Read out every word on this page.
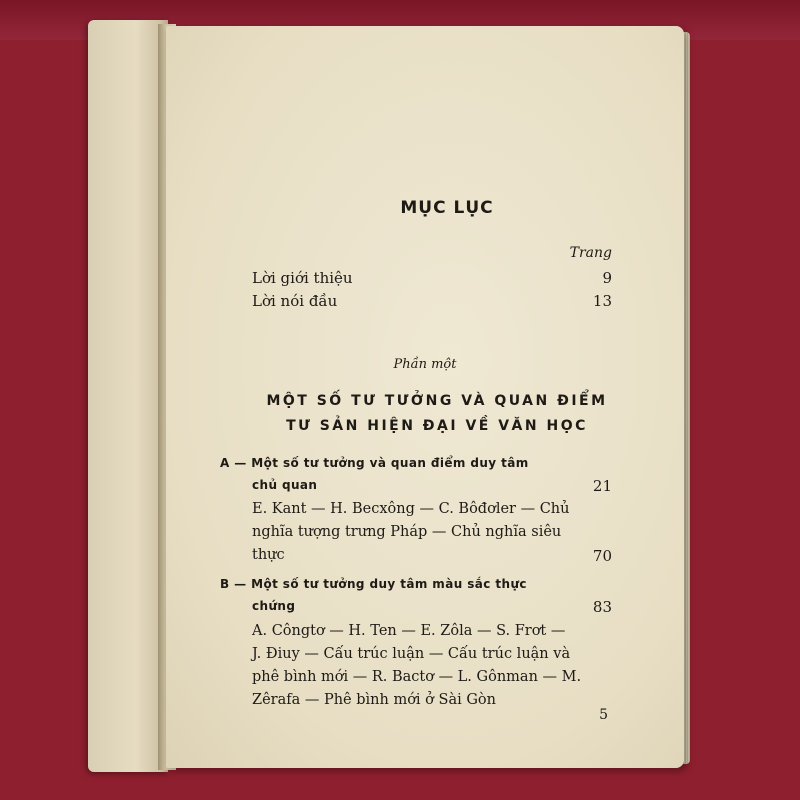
MỤC LỤC
Trang
Lời giới thiệu	9
Lời nói đầu	13
Phần một
MỘT SỐ TƯ TƯỞNG VÀ QUAN ĐIỂM
TƯ SẢN HIỆN ĐẠI VỀ VĂN HỌC
A — Một số tư tưởng và quan điểm duy tâm
chủ quan	21
E. Kant — H. Becxông — C. Bôđơler — Chủ
nghĩa tượng trưng Pháp — Chủ nghĩa siêu
thực	70
B — Một số tư tưởng duy tâm màu sắc thực
chứng	83
A. Côngtơ — H. Ten — E. Zôla — S. Frơt —
J. Điuy — Cấu trúc luận — Cấu trúc luận và
phê bình mới — R. Bactơ — L. Gônman — M.
Zêrafa — Phê bình mới ở Sài Gòn
5
